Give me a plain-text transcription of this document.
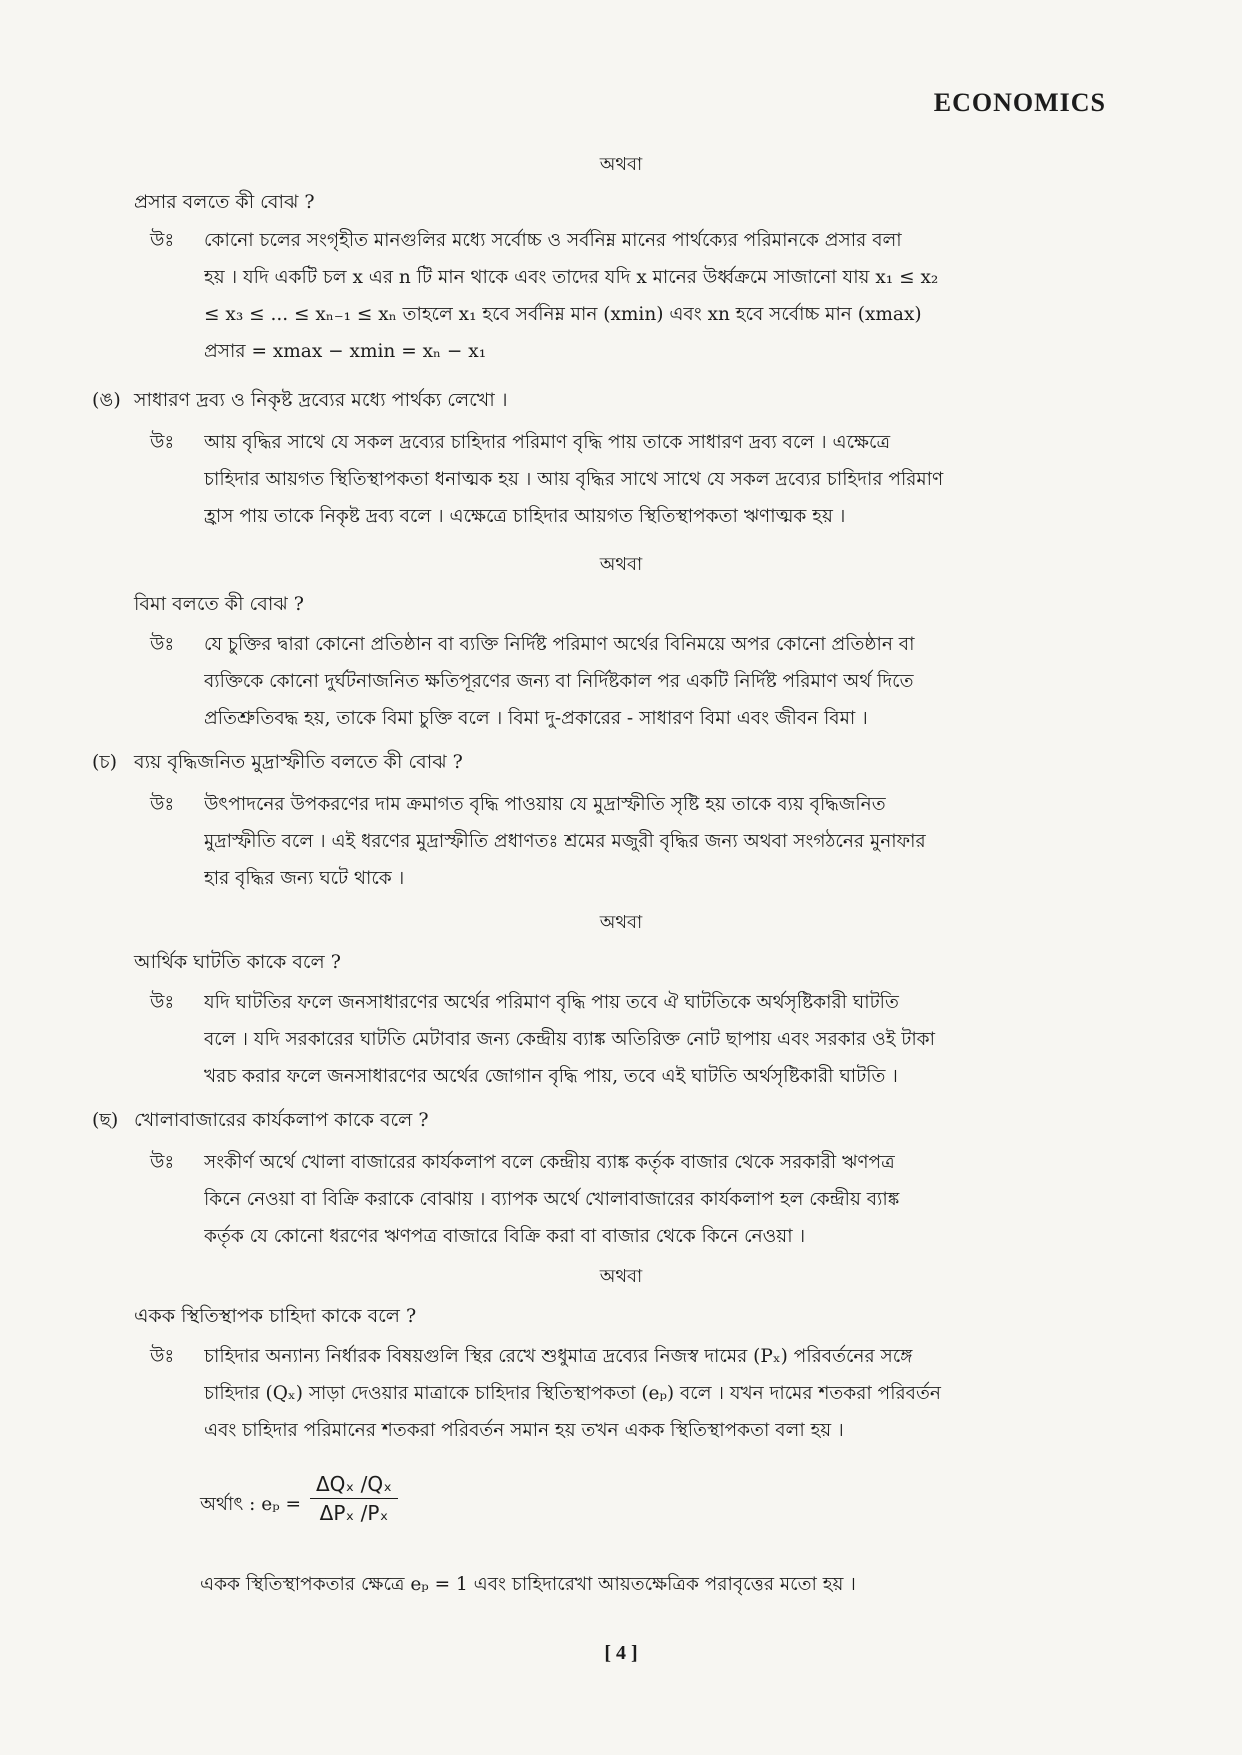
ECONOMICS
অথবা
প্রসার বলতে কী বোঝ ?
উঃ কোনো চলের সংগৃহীত মানগুলির মধ্যে সর্বোচ্চ ও সর্বনিম্ন মানের পার্থক্যের পরিমানকে প্রসার বলা
হয় । যদি একটি চল x এর n টি মান থাকে এবং তাদের যদি x মানের উর্ধ্বক্রমে সাজানো যায় x₁ ≤ x₂
≤ x₃ ≤ ... ≤ xₙ₋₁ ≤ xₙ তাহলে x₁ হবে সর্বনিম্ন মান (xmin) এবং xn হবে সর্বোচ্চ মান (xmax)
প্রসার = xmax − xmin = xₙ − x₁
(ঙ) সাধারণ দ্রব্য ও নিকৃষ্ট দ্রব্যের মধ্যে পার্থক্য লেখো ।
উঃ আয় বৃদ্ধির সাথে যে সকল দ্রব্যের চাহিদার পরিমাণ বৃদ্ধি পায় তাকে সাধারণ দ্রব্য বলে । এক্ষেত্রে
চাহিদার আয়গত স্থিতিস্থাপকতা ধনাত্মক হয় । আয় বৃদ্ধির সাথে সাথে যে সকল দ্রব্যের চাহিদার পরিমাণ
হ্রাস পায় তাকে নিকৃষ্ট দ্রব্য বলে । এক্ষেত্রে চাহিদার আয়গত স্থিতিস্থাপকতা ঋণাত্মক হয় ।
অথবা
বিমা বলতে কী বোঝ ?
উঃ যে চুক্তির দ্বারা কোনো প্রতিষ্ঠান বা ব্যক্তি নির্দিষ্ট পরিমাণ অর্থের বিনিময়ে অপর কোনো প্রতিষ্ঠান বা
ব্যক্তিকে কোনো দুর্ঘটনাজনিত ক্ষতিপূরণের জন্য বা নির্দিষ্টকাল পর একটি নির্দিষ্ট পরিমাণ অর্থ দিতে
প্রতিশ্রুতিবদ্ধ হয়, তাকে বিমা চুক্তি বলে । বিমা দু-প্রকারের - সাধারণ বিমা এবং জীবন বিমা ।
(চ) ব্যয় বৃদ্ধিজনিত মুদ্রাস্ফীতি বলতে কী বোঝ ?
উঃ উৎপাদনের উপকরণের দাম ক্রমাগত বৃদ্ধি পাওয়ায় যে মুদ্রাস্ফীতি সৃষ্টি হয় তাকে ব্যয় বৃদ্ধিজনিত
মুদ্রাস্ফীতি বলে । এই ধরণের মুদ্রাস্ফীতি প্রধাণতঃ শ্রমের মজুরী বৃদ্ধির জন্য অথবা সংগঠনের মুনাফার
হার বৃদ্ধির জন্য ঘটে থাকে ।
অথবা
আর্থিক ঘাটতি কাকে বলে ?
উঃ যদি ঘাটতির ফলে জনসাধারণের অর্থের পরিমাণ বৃদ্ধি পায় তবে ঐ ঘাটতিকে অর্থসৃষ্টিকারী ঘাটতি
বলে । যদি সরকারের ঘাটতি মেটাবার জন্য কেন্দ্রীয় ব্যাঙ্ক অতিরিক্ত নোট ছাপায় এবং সরকার ওই টাকা
খরচ করার ফলে জনসাধারণের অর্থের জোগান বৃদ্ধি পায়, তবে এই ঘাটতি অর্থসৃষ্টিকারী ঘাটতি ।
(ছ) খোলাবাজারের কার্যকলাপ কাকে বলে ?
উঃ সংকীর্ণ অর্থে খোলা বাজারের কার্যকলাপ বলে কেন্দ্রীয় ব্যাঙ্ক কর্তৃক বাজার থেকে সরকারী ঋণপত্র
কিনে নেওয়া বা বিক্রি করাকে বোঝায় । ব্যাপক অর্থে খোলাবাজারের কার্যকলাপ হল কেন্দ্রীয় ব্যাঙ্ক
কর্তৃক যে কোনো ধরণের ঋণপত্র বাজারে বিক্রি করা বা বাজার থেকে কিনে নেওয়া ।
অথবা
একক স্থিতিস্থাপক চাহিদা কাকে বলে ?
উঃ চাহিদার অন্যান্য নির্ধারক বিষয়গুলি স্থির রেখে শুধুমাত্র দ্রব্যের নিজস্ব দামের (Pₓ) পরিবর্তনের সঙ্গে
চাহিদার (Qₓ) সাড়া দেওয়ার মাত্রাকে চাহিদার স্থিতিস্থাপকতা (eₚ) বলে । যখন দামের শতকরা পরিবর্তন
এবং চাহিদার পরিমানের শতকরা পরিবর্তন সমান হয় তখন একক স্থিতিস্থাপকতা বলা হয় ।
অর্থাৎ : eₚ =
ΔQₓ /Qₓ
ΔPₓ /Pₓ
একক স্থিতিস্থাপকতার ক্ষেত্রে eₚ = 1 এবং চাহিদারেখা আয়তক্ষেত্রিক পরাবৃত্তের মতো হয় ।
[ 4 ]
